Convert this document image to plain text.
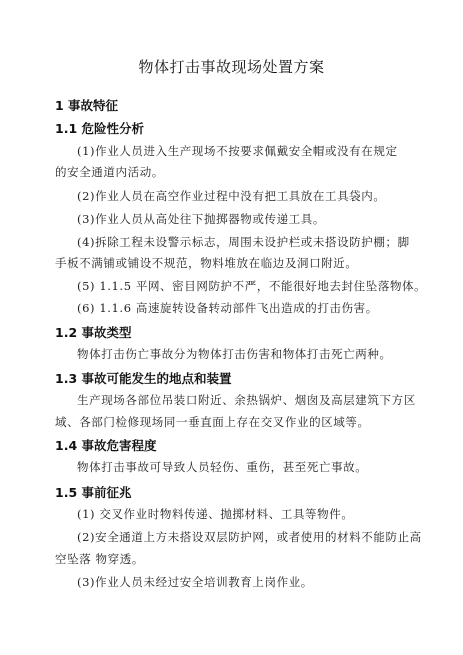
物体打击事故现场处置方案
1 事故特征
1.1 危险性分析
(1)作业人员进入生产现场不按要求佩戴安全帽或没有在规定
的安全通道内活动。
(2)作业人员在高空作业过程中没有把工具放在工具袋内。
(3)作业人员从高处往下抛掷器物或传递工具。
(4)拆除工程未设警示标志，周围未设护栏或未搭设防护棚；脚
手板不满铺或铺设不规范，物料堆放在临边及洞口附近。
(5) 1.1.5 平网、密目网防护不严，不能很好地去封住坠落物体。
(6) 1.1.6 高速旋转设备转动部件飞出造成的打击伤害。
1.2 事故类型
物体打击伤亡事故分为物体打击伤害和物体打击死亡两种。
1.3 事故可能发生的地点和装置
生产现场各部位吊装口附近、余热锅炉、烟囱及高层建筑下方区
域、各部门检修现场同一垂直面上存在交叉作业的区域等。
1.4 事故危害程度
物体打击事故可导致人员轻伤、重伤，甚至死亡事故。
1.5 事前征兆
(1) 交叉作业时物料传递、抛掷材料、工具等物件。
(2)安全通道上方未搭设双层防护网，或者使用的材料不能防止高
空坠落 物穿透。
(3)作业人员未经过安全培训教育上岗作业。
